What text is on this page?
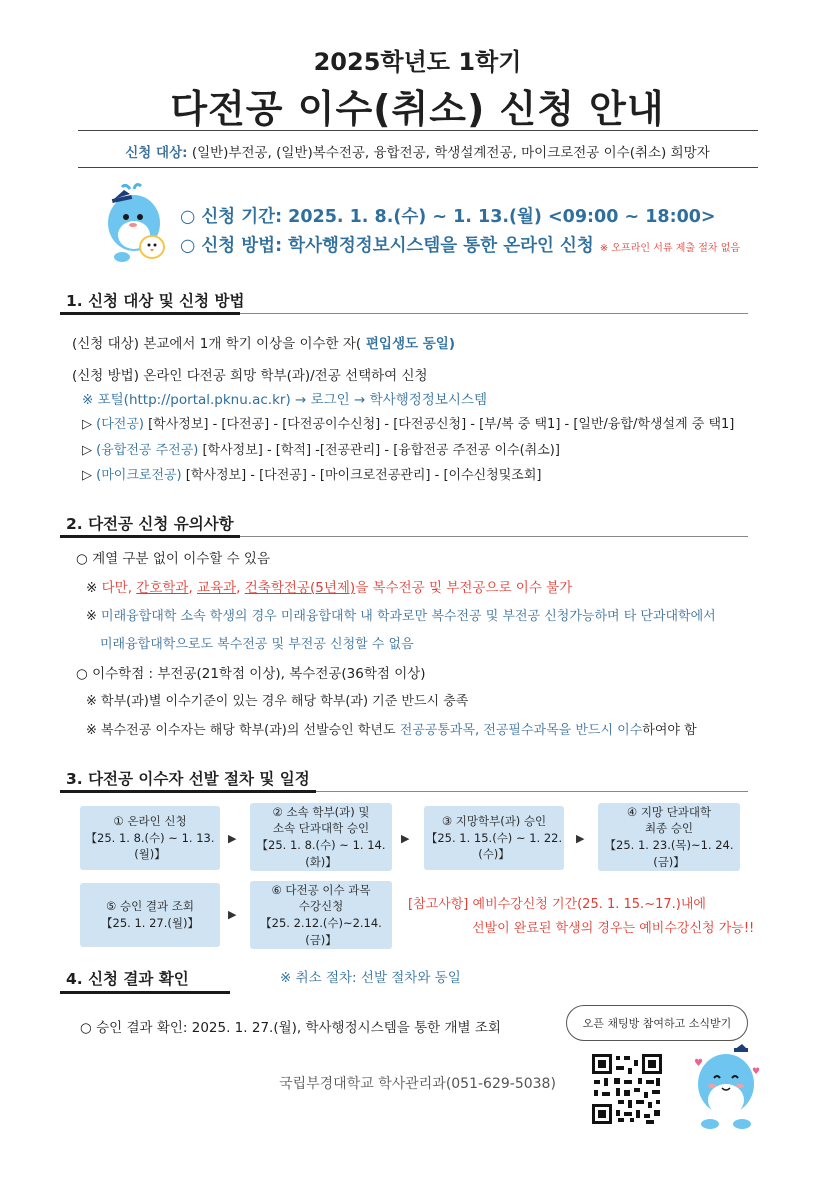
2025학년도 1학기
다전공 이수(취소) 신청 안내
신청 대상: (일반)부전공, (일반)복수전공, 융합전공, 학생설계전공, 마이크로전공 이수(취소) 희망자
○ 신청 기간: 2025. 1. 8.(수) ~ 1. 13.(월) <09:00 ~ 18:00>
○ 신청 방법: 학사행정정보시스템을 통한 온라인 신청 ※ 오프라인 서류 제출 절차 없음
1. 신청 대상 및 신청 방법
(신청 대상) 본교에서 1개 학기 이상을 이수한 자( 편입생도 동일)
(신청 방법) 온라인 다전공 희망 학부(과)/전공 선택하여 신청
※ 포털(http://portal.pknu.ac.kr) → 로그인 → 학사행정정보시스템
▷ (다전공) [학사정보] - [다전공] - [다전공이수신청] - [다전공신청] - [부/복 중 택1] - [일반/융합/학생설계 중 택1]
▷ (융합전공 주전공) [학사정보] - [학적] -[전공관리] - [융합전공 주전공 이수(취소)]
▷ (마이크로전공) [학사정보] - [다전공] - [마이크로전공관리] - [이수신청및조회]
2. 다전공 신청 유의사항
○ 계열 구분 없이 이수할 수 있음
※ 다만, 간호학과, 교육과, 건축학전공(5년제)을 복수전공 및 부전공으로 이수 불가
※ 미래융합대학 소속 학생의 경우 미래융합대학 내 학과로만 복수전공 및 부전공 신청가능하며 타 단과대학에서
미래융합대학으로도 복수전공 및 부전공 신청할 수 없음
○ 이수학점 : 부전공(21학점 이상), 복수전공(36학점 이상)
※ 학부(과)별 이수기준이 있는 경우 해당 학부(과) 기준 반드시 충족
※ 복수전공 이수자는 해당 학부(과)의 선발승인 학년도 전공공통과목, 전공필수과목을 반드시 이수하여야 함
3. 다전공 이수자 선발 절차 및 일정
① 온라인 신청
【25. 1. 8.(수) ~ 1. 13.(월)】
▶
② 소속 학부(과) 및
소속 단과대학 승인
【25. 1. 8.(수) ~ 1. 14.(화)】
▶
③ 지망학부(과) 승인
【25. 1. 15.(수) ~ 1. 22.(수)】
▶
④ 지망 단과대학
최종 승인
【25. 1. 23.(목)~1. 24.(금)】
⑤ 승인 결과 조회
【25. 1. 27.(월)】
▶
⑥ 다전공 이수 과목
수강신청
【25. 2.12.(수)~2.14.(금)】
[참고사항] 예비수강신청 기간(25. 1. 15.~17.)내에
선발이 완료된 학생의 경우는 예비수강신청 가능!!
4. 신청 결과 확인	※ 취소 절차: 선발 절차와 동일
○ 승인 결과 확인: 2025. 1. 27.(월), 학사행정시스템을 통한 개별 조회	오픈 채팅방 참여하고 소식받기
♥
♥
국립부경대학교 학사관리과(051-629-5038)
